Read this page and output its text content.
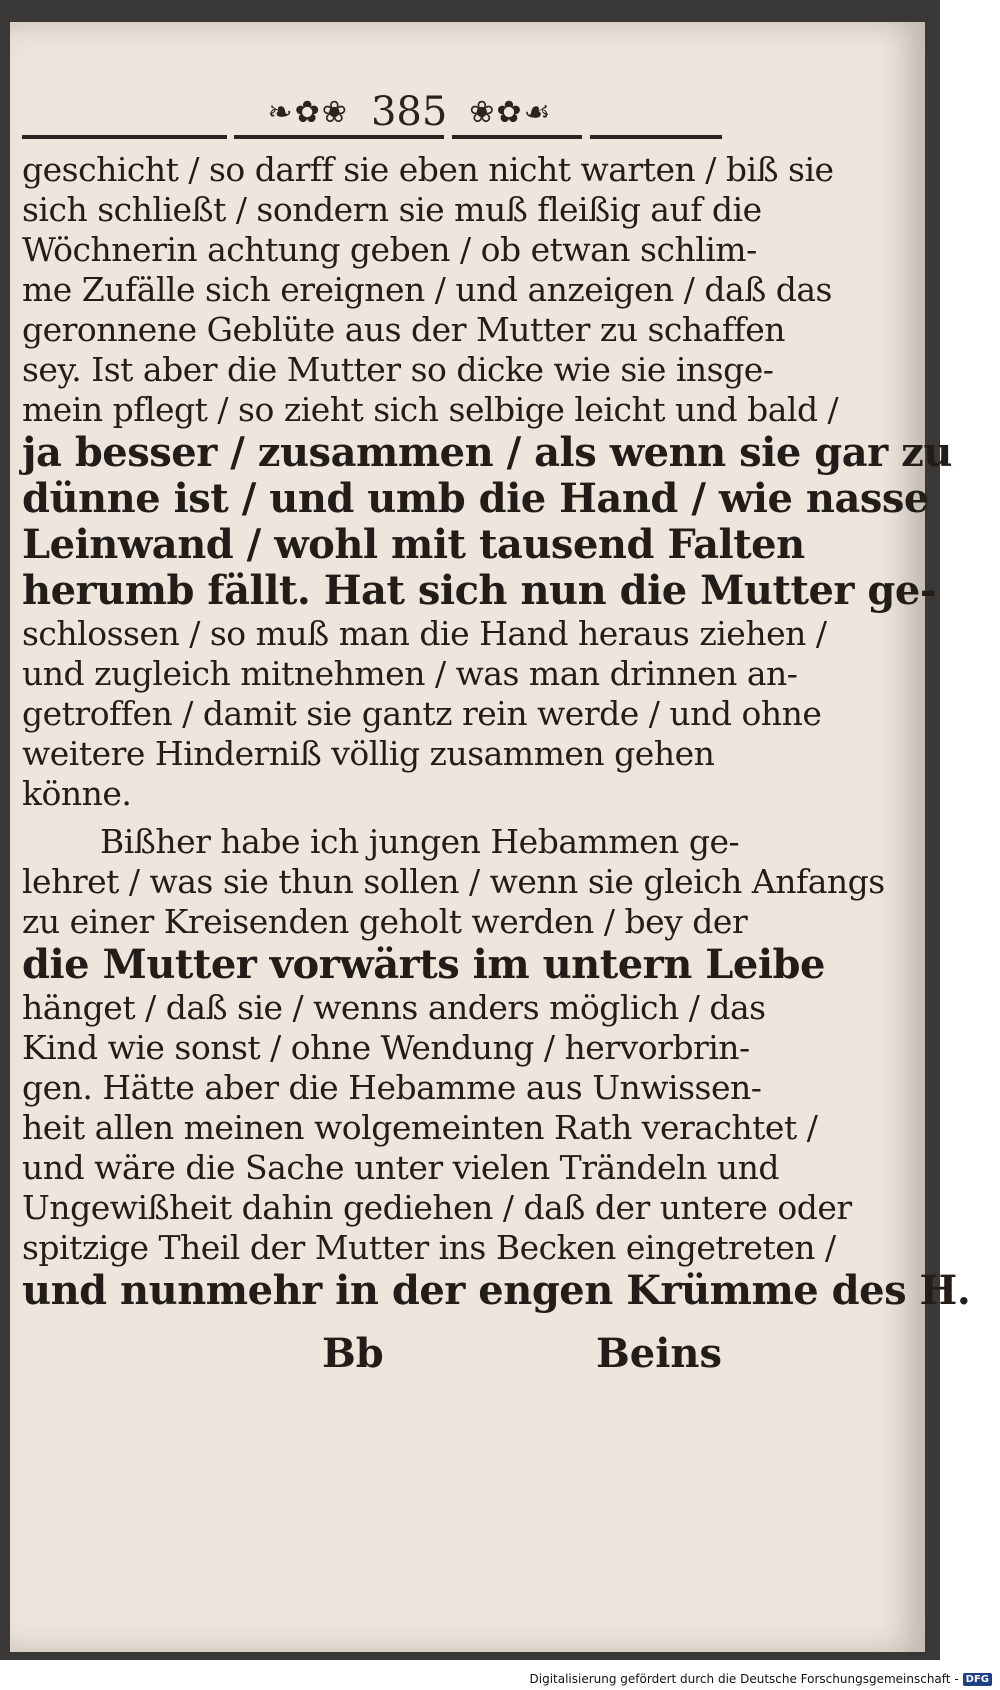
❧✿❀ 385 ❀✿☙
geschicht / so darff sie eben nicht warten / biß sie
sich schließt / sondern sie muß fleißig auf die
Wöchnerin achtung geben / ob etwan schlim-
me Zufälle sich ereignen / und anzeigen / daß das
geronnene Geblüte aus der Mutter zu schaffen
sey. Ist aber die Mutter so dicke wie sie insge-
mein pflegt / so zieht sich selbige leicht und bald /
ja besser / zusammen / als wenn sie gar zu
dünne ist / und umb die Hand / wie nasse
Leinwand / wohl mit tausend Falten
herumb fällt. Hat sich nun die Mutter ge-
schlossen / so muß man die Hand heraus ziehen /
und zugleich mitnehmen / was man drinnen an-
getroffen / damit sie gantz rein werde / und ohne
weitere Hinderniß völlig zusammen gehen
könne.
Bißher habe ich jungen Hebammen ge-
lehret / was sie thun sollen / wenn sie gleich Anfangs
zu einer Kreisenden geholt werden / bey der
die Mutter vorwärts im untern Leibe
hänget / daß sie / wenns anders möglich / das
Kind wie sonst / ohne Wendung / hervorbrin-
gen. Hätte aber die Hebamme aus Unwissen-
heit allen meinen wolgemeinten Rath verachtet /
und wäre die Sache unter vielen Trändeln und
Ungewißheit dahin gediehen / daß der untere oder
spitzige Theil der Mutter ins Becken eingetreten /
und nunmehr in der engen Krümme des H.
Bb	Beins
Digitalisierung gefördert durch die Deutsche Forschungsgemeinschaft - DFG
